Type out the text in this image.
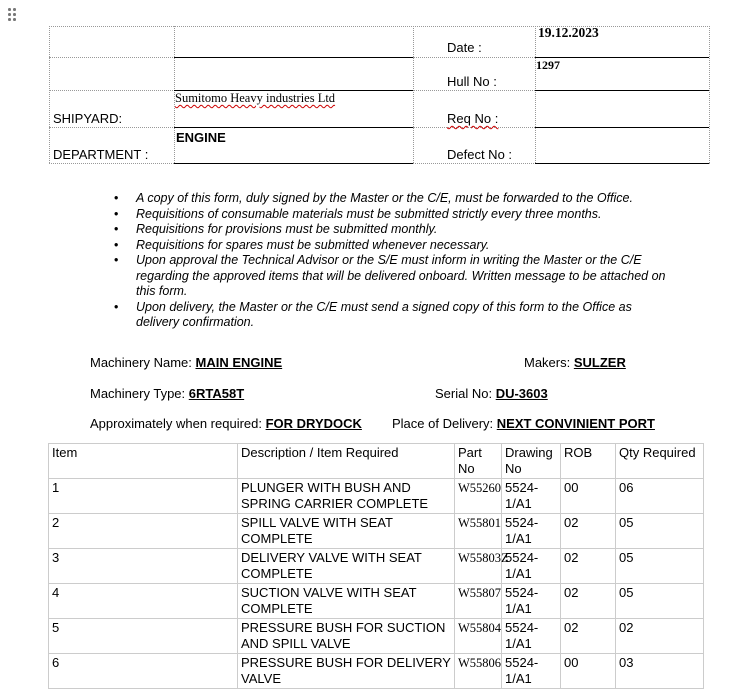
SHIPYARD:
Sumitomo Heavy industries Ltd
DEPARTMENT :
ENGINE
Date :
19.12.2023
Hull No :
1297
Req No :
Defect No :
• A copy of this form, duly signed by the Master or the C/E, must be forwarded to the Office.
• Requisitions of consumable materials must be submitted strictly every three months.
• Requisitions for provisions must be submitted monthly.
• Requisitions for spares must be submitted whenever necessary.
• Upon approval the Technical Advisor or the S/E must inform in writing the Master or the C/E regarding the approved items that will be delivered onboard. Written message to be attached on this form.
• Upon delivery, the Master or the C/E must send a signed copy of this form to the Office as delivery confirmation.
Machinery Name: MAIN ENGINE	Makers: SULZER
Machinery Type: 6RTA58T	Serial No: DU-3603
Approximately when required: FOR DRYDOCK Place of Delivery: NEXT CONVINIENT PORT
Item	Description / Item Required	Part No	Drawing No	ROB	Qty Required
1	PLUNGER WITH BUSH AND SPRING CARRIER COMPLETE	W55260	5524-1/A1	00	06
2	SPILL VALVE WITH SEAT COMPLETE	W55801	5524-1/A1	02	05
3	DELIVERY VALVE WITH SEAT COMPLETE	W55803Z	5524-1/A1	02	05
4	SUCTION VALVE WITH SEAT COMPLETE	W55807	5524-1/A1	02	05
5	PRESSURE BUSH FOR SUCTION AND SPILL VALVE	W55804	5524-1/A1	02	02
6	PRESSURE BUSH FOR DELIVERY VALVE	W55806	5524-1/A1	00	03
